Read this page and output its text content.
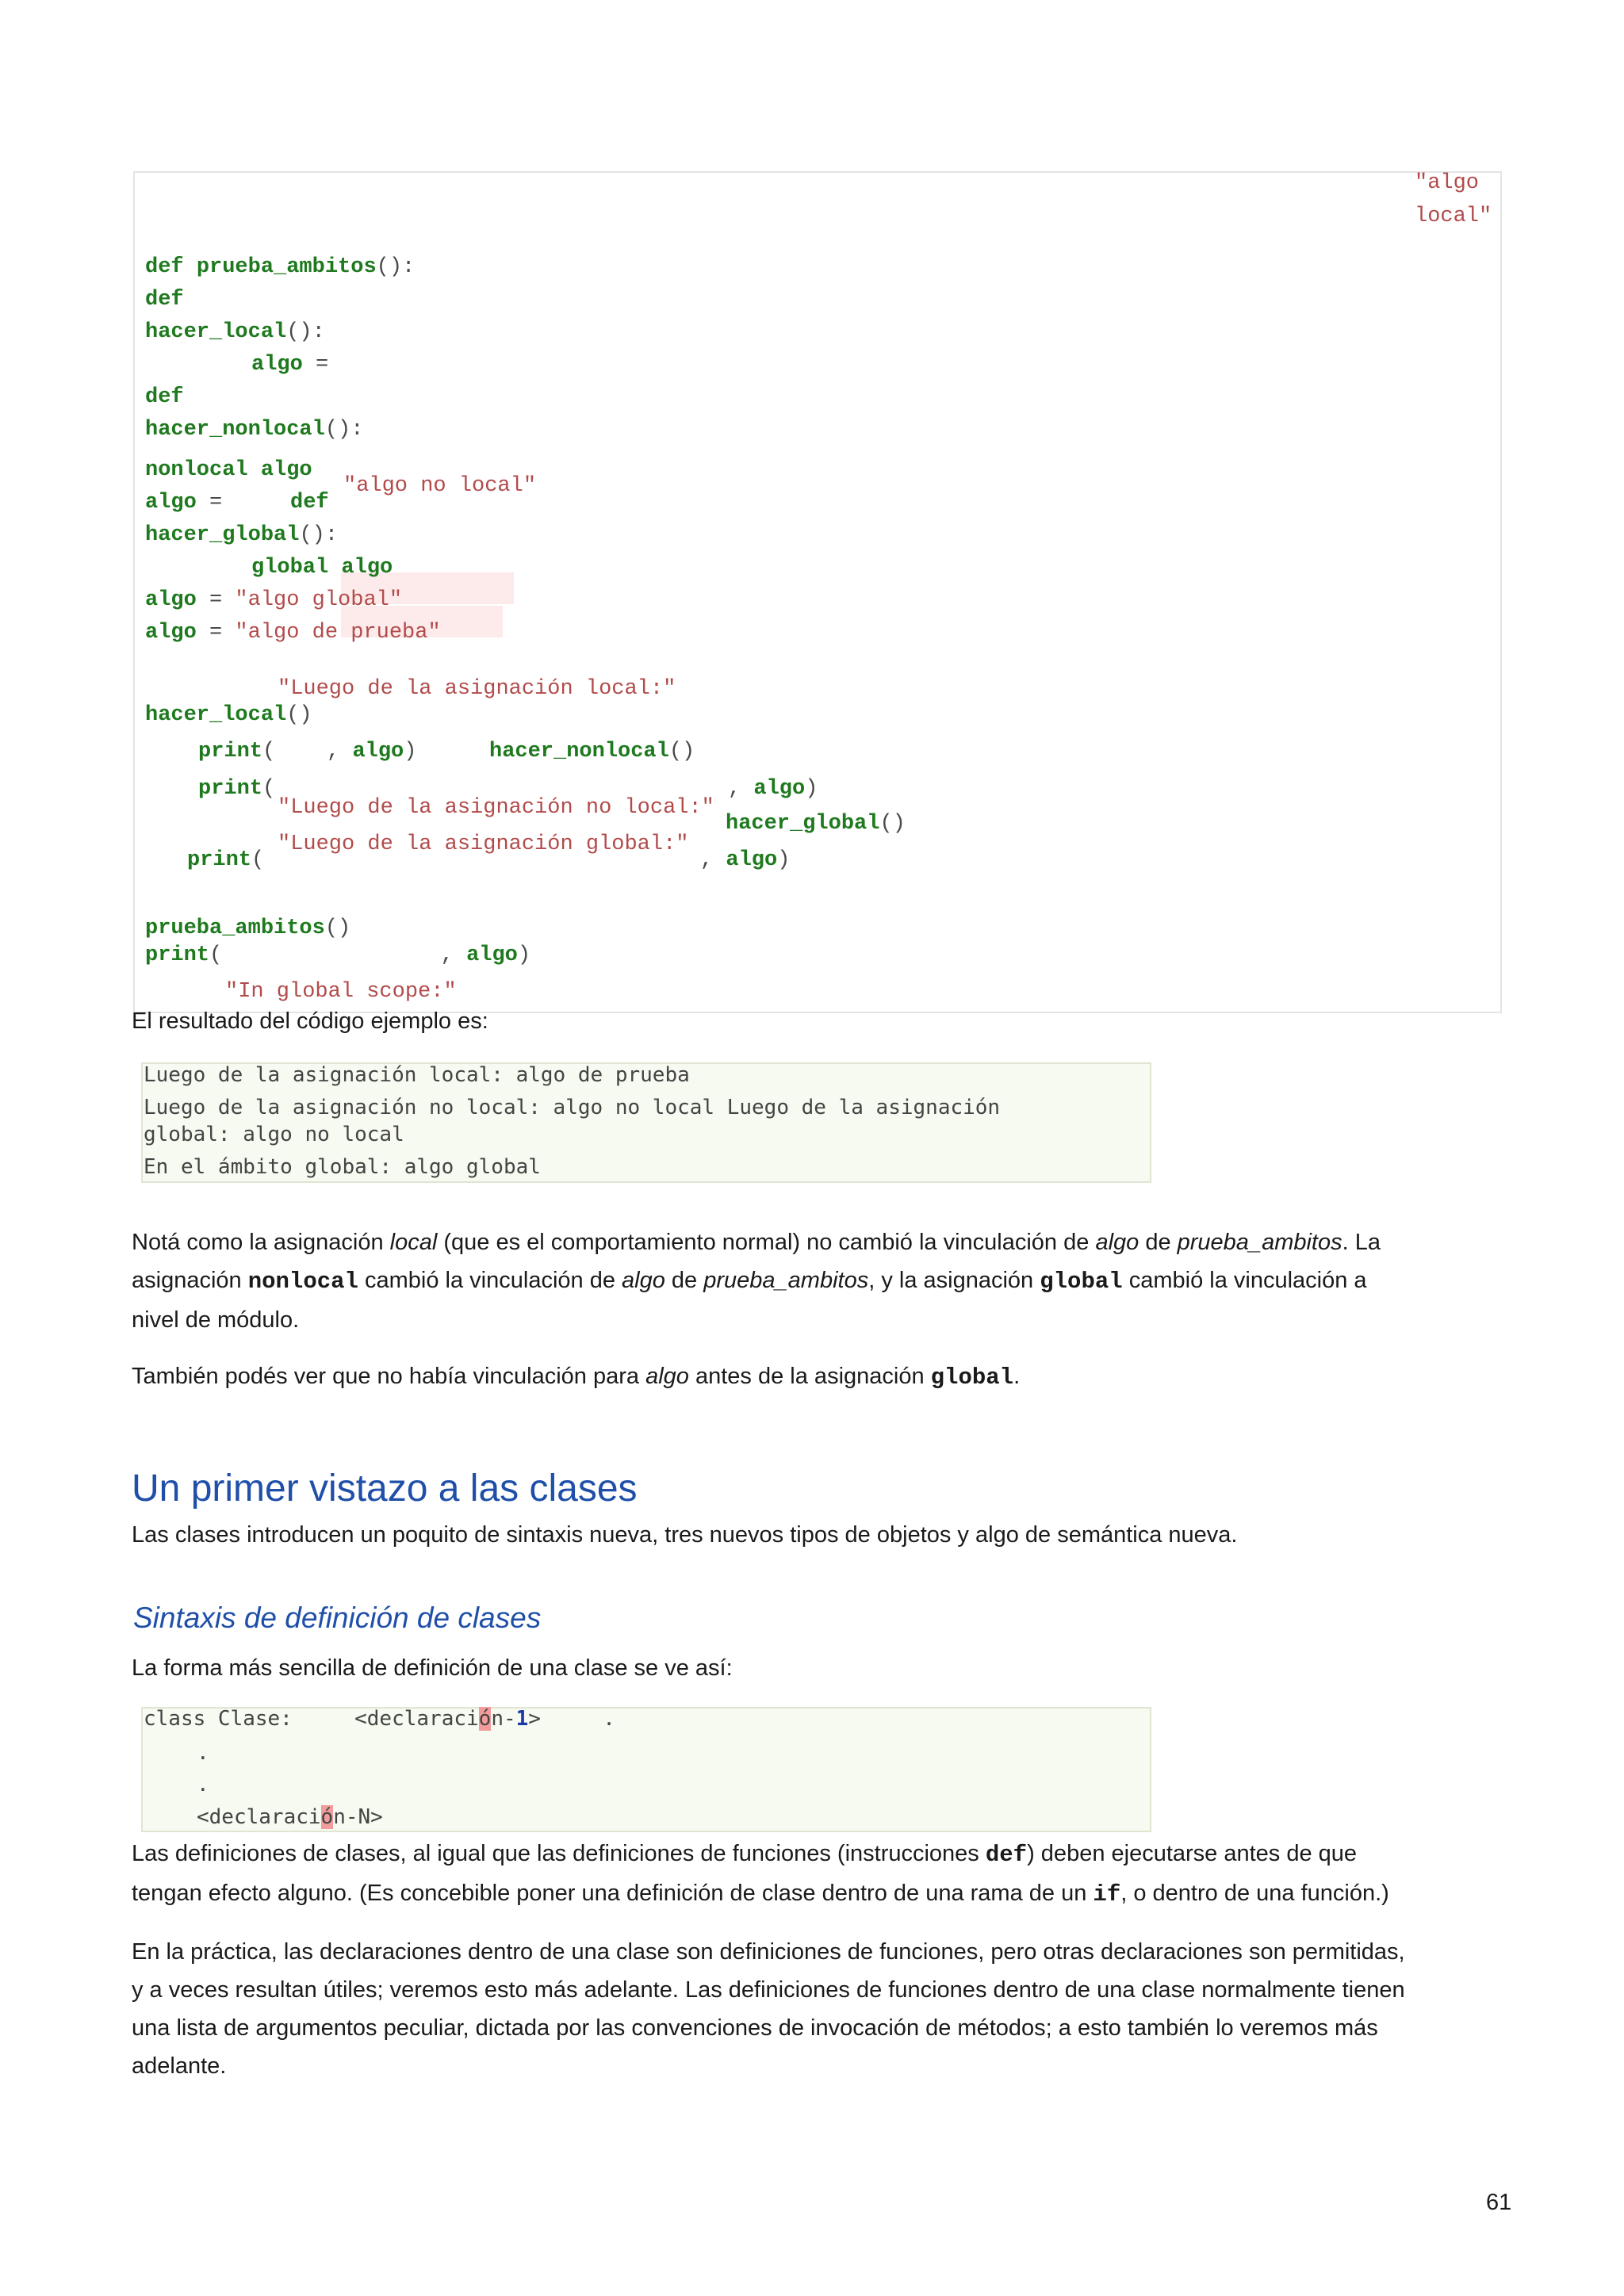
"algo
local"
def prueba_ambitos():
def
hacer_local():
algo =
def
hacer_nonlocal():
nonlocal algo
"algo no local"
algo =	def
hacer_global():
global algo
algo = "algo global"
algo = "algo de prueba"
"Luego de la asignación local:"
hacer_local()
print(    , algo)	hacer_nonlocal()
print(	, algo)
"Luego de la asignación no local:"
hacer_global()
"Luego de la asignación global:"
print(	, algo)
prueba_ambitos()
print(                 , algo)
"In global scope:"
El resultado del código ejemplo es:
Luego de la asignación local: algo de prueba
Luego de la asignación no local: algo no local Luego de la asignación
global: algo no local
En el ámbito global: algo global
Notá como la asignación local (que es el comportamiento normal) no cambió la vinculación de algo de prueba_ambitos. La
asignación nonlocal cambió la vinculación de algo de prueba_ambitos, y la asignación global cambió la vinculación a
nivel de módulo.
También podés ver que no había vinculación para algo antes de la asignación global.
Un primer vistazo a las clases
Las clases introducen un poquito de sintaxis nueva, tres nuevos tipos de objetos y algo de semántica nueva.
Sintaxis de definición de clases
La forma más sencilla de definición de una clase se ve así:
class Clase:	<declaración-1>	.
.
.
<declaración-N>
Las definiciones de clases, al igual que las definiciones de funciones (instrucciones def) deben ejecutarse antes de que
tengan efecto alguno. (Es concebible poner una definición de clase dentro de una rama de un if, o dentro de una función.)
En la práctica, las declaraciones dentro de una clase son definiciones de funciones, pero otras declaraciones son permitidas,
y a veces resultan útiles; veremos esto más adelante. Las definiciones de funciones dentro de una clase normalmente tienen
una lista de argumentos peculiar, dictada por las convenciones de invocación de métodos; a esto también lo veremos más
adelante.
61
